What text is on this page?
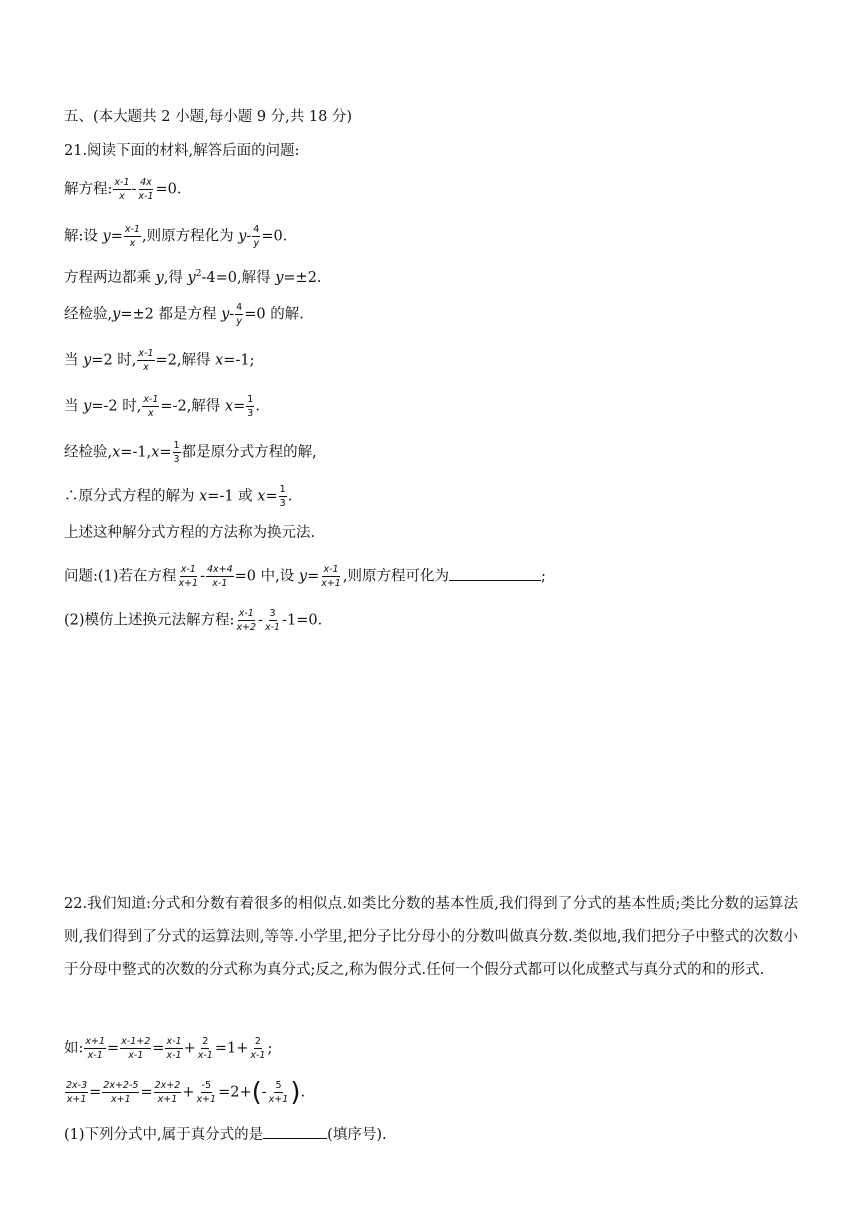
五、(本大题共 2 小题,每小题 9 分,共 18 分)
21.阅读下面的材料,解答后面的问题:
解方程: $\frac{x-1}{x} - \frac{4x}{x-1} =0$.
解:设 $y= \frac{x-1}{x}$ ,则原方程化为 $y- \frac{4}{y} =0$.
方程两边都乘 y,得 $y^2-4=0$,解得 y=±2.
经检验,y=±2 都是方程 $y- \frac{4}{y} =0$ 的解.
当 y=2 时, $\frac{x-1}{x} =2$,解得 x=-1;
当 y=-2 时, $\frac{x-1}{x} =-2$,解得 $x= \frac{1}{3}$ .
经检验$,x=-1,x= \frac{1}{3}$ 都是原分式方程的解,
∴原分式方程的解为 x=-1 或 $x= \frac{1}{3}$ .
上述这种解分式方程的方法称为换元法.
问题:(1)若在方程 $\frac{x-1}{x+1} - \frac{4x+4}{x-1} =0$ 中,设 $y= \frac{x-1}{x+1}$ ,则原方程可化为	;
(2)模仿上述换元法解方程: $\frac{x-1}{x+2} - \frac{3}{x-1} -1=0$.
22.我们知道:分式和分数有着很多的相似点.如类比分数的基本性质,我们得到了分式的基本性质;类比分数的运算法则,我们得到了分式的运算法则,等等.小学里,把分子比分母小的分数叫做真分数.类似地,我们把分子中整式的次数小于分母中整式的次数的分式称为真分式;反之,称为假分式.任何一个假分式都可以化成整式与真分式的和的形式.
如: $\frac{x+1}{x-1} = \frac{x-1+2}{x-1} = \frac{x-1}{x-1} + \frac{2}{x-1} =1+ \frac{2}{x-1}$ ;
$\frac{2x-3}{x+1} = \frac{2x+2-5}{x+1} = \frac{2x+2}{x+1} + \frac{-5}{x+1} =2+(- \frac{5}{x+1}$ ).
(1)下列分式中,属于真分式的是	(填序号).
